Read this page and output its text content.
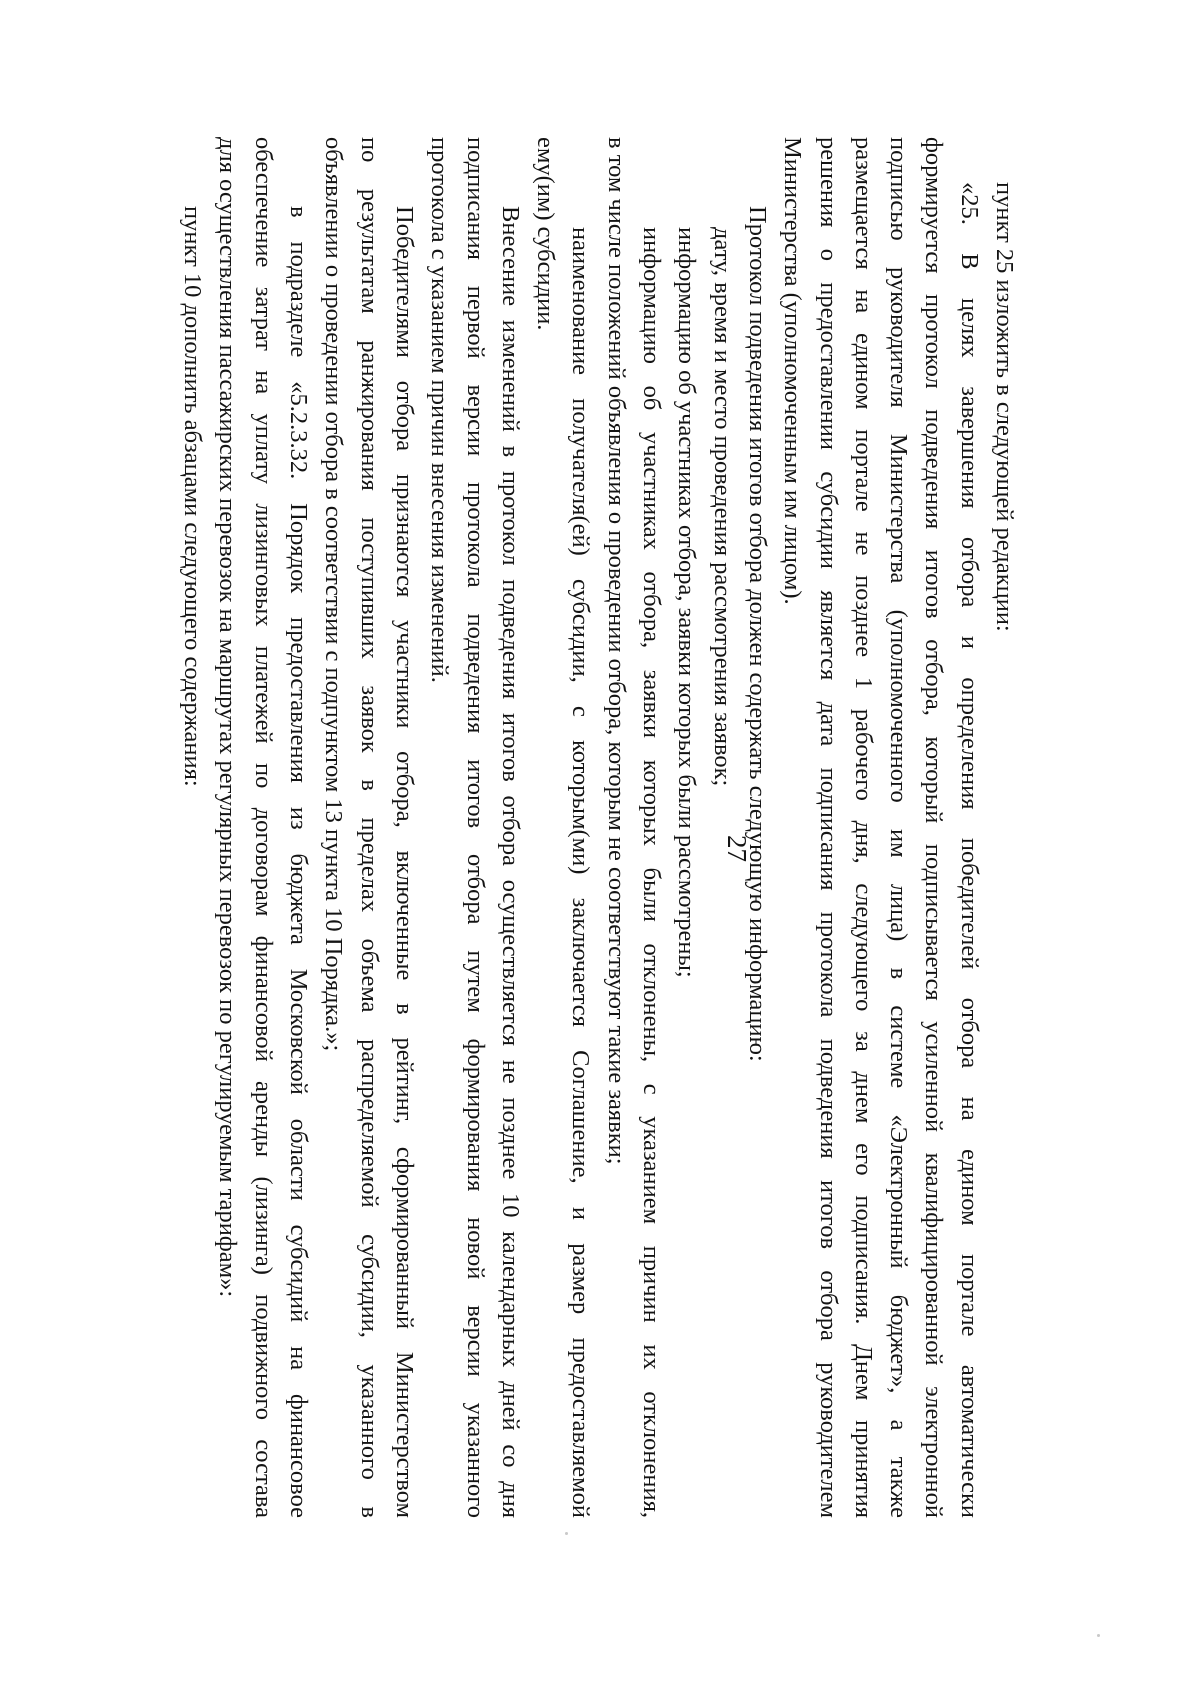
27
пункт 25 изложить в следующей редакции:
«25. В целях завершения отбора и определения победителей отбора на едином портале автоматически
формируется протокол подведения итогов отбора, который подписывается усиленной квалифицированной электронной
подписью руководителя Министерства (уполномоченного им лица) в системе «Электронный бюджет», а также
размещается на едином портале не позднее 1 рабочего дня, следующего за днем его подписания. Днем принятия
решения о предоставлении субсидии является дата подписания протокола подведения итогов отбора руководителем
Министерства (уполномоченным им лицом).
Протокол подведения итогов отбора должен содержать следующую информацию:
дату, время и место проведения рассмотрения заявок;
информацию об участниках отбора, заявки которых были рассмотрены;
информацию об участниках отбора, заявки которых были отклонены, с указанием причин их отклонения,
в том числе положений объявления о проведении отбора, которым не соответствуют такие заявки;
наименование получателя(ей) субсидии, с которым(ми) заключается Соглашение, и размер предоставляемой
ему(им) субсидии.
Внесение изменений в протокол подведения итогов отбора осуществляется не позднее 10 календарных дней со дня
подписания первой версии протокола подведения итогов отбора путем формирования новой версии указанного
протокола с указанием причин внесения изменений.
Победителями отбора признаются участники отбора, включенные в рейтинг, сформированный Министерством
по результатам ранжирования поступивших заявок в пределах объема распределяемой субсидии, указанного в
объявлении о проведении отбора в соответствии с подпунктом 13 пункта 10 Порядка.»;
в подразделе «5.2.3.32. Порядок предоставления из бюджета Московской области субсидий на финансовое
обеспечение затрат на уплату лизинговых платежей по договорам финансовой аренды (лизинга) подвижного состава
для осуществления пассажирских перевозок на маршрутах регулярных перевозок по регулируемым тарифам»:
пункт 10 дополнить абзацами следующего содержания:
